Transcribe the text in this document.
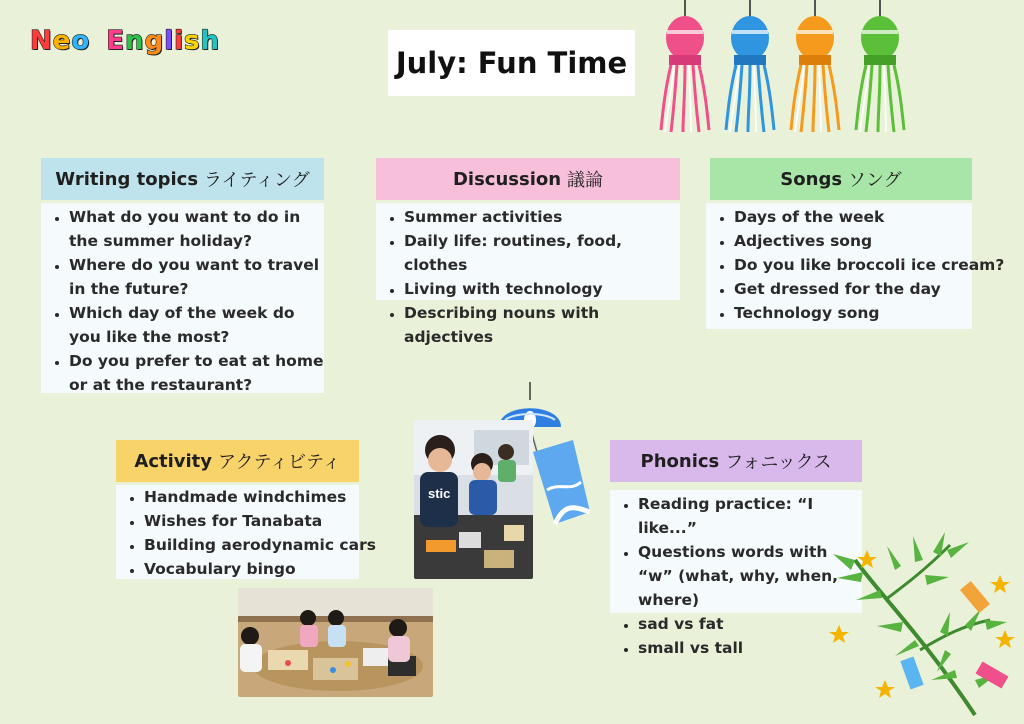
N e o E n g l i s h
July: Fun Time
Writing topics ライティング
• What do you want to do in the summer holiday?
• Where do you want to travel in the future?
• Which day of the week do you like the most?
• Do you prefer to eat at home or at the restaurant?
Discussion 議論
• Summer activities
• Daily life: routines, food, clothes
• Living with technology
• Describing nouns with adjectives
Songs ソング
• Days of the week
• Adjectives song
• Do you like broccoli ice cream?
• Get dressed for the day
• Technology song
stic
Activity アクティビティ
• Handmade windchimes
• Wishes for Tanabata
• Building aerodynamic cars
• Vocabulary bingo
Phonics フォニックス
• Reading practice: “I like...”
• Questions words with “w” (what, why, when, where)
• sad vs fat
• small vs tall
